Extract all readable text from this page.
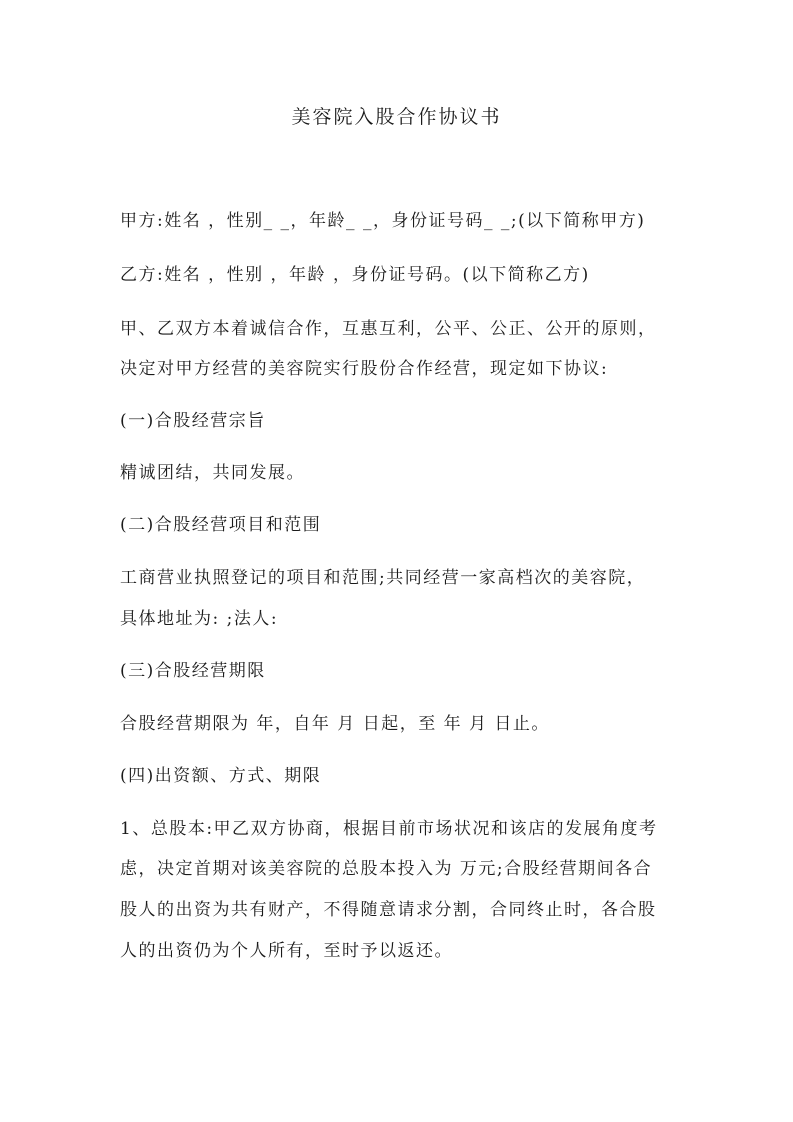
美容院入股合作协议书
甲方:姓名 ，性别_ _，年龄_ _，身份证号码_ _;(以下简称甲方)
乙方:姓名 ，性别 ，年龄 ，身份证号码。(以下简称乙方)
甲、乙双方本着诚信合作，互惠互利，公平、公正、公开的原则，
决定对甲方经营的美容院实行股份合作经营，现定如下协议:
(一)合股经营宗旨
精诚团结，共同发展。
(二)合股经营项目和范围
工商营业执照登记的项目和范围;共同经营一家高档次的美容院，
具体地址为: ;法人:
(三)合股经营期限
合股经营期限为 年，自年 月 日起，至 年 月 日止。
(四)出资额、方式、期限
1、总股本:甲乙双方协商，根据目前市场状况和该店的发展角度考
虑，决定首期对该美容院的总股本投入为 万元;合股经营期间各合
股人的出资为共有财产，不得随意请求分割，合同终止时，各合股
人的出资仍为个人所有，至时予以返还。
